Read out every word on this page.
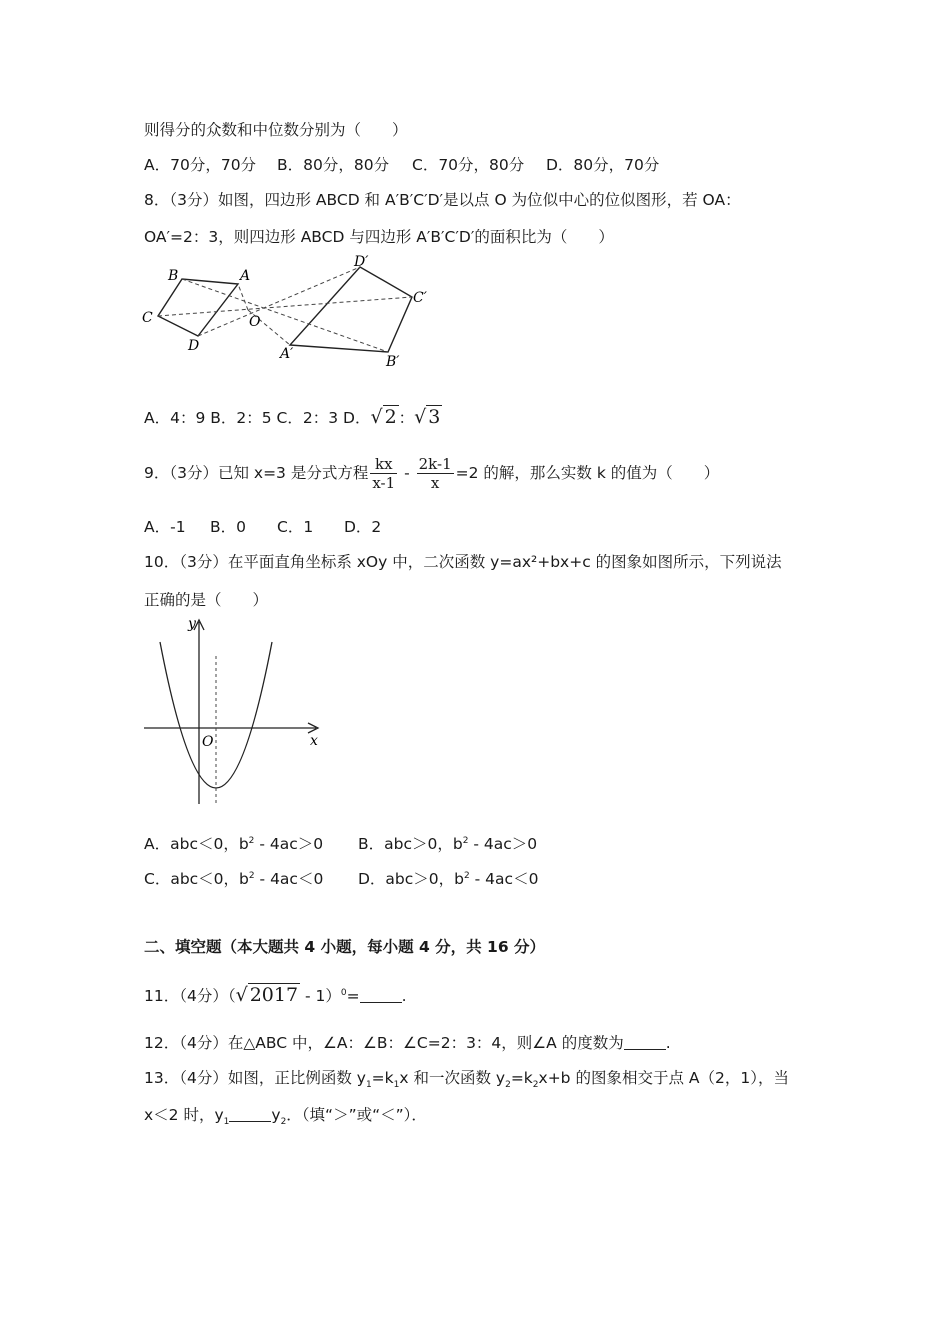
则得分的众数和中位数分别为（　　）
A．70分，70分 B．80分，80分 C．70分，80分 D．80分，70分
8．（3分）如图，四边形 ABCD 和 A′B′C′D′是以点 O 为位似中心的位似图形，若 OA：
OA′=2：3，则四边形 ABCD 与四边形 A′B′C′D′的面积比为（　　）
B	A
C
D
O
D′
C′
A′	B′
A．4：9 B．2：5 C．2：3 D．√ 2 ：√ 3
9．（3分）已知 x=3 是分式方程 $\frac{kx}{x-1} - \frac{2k-1}{x} =2$ 的解，那么实数 k 的值为（　　）
A．-1 B．0 C．1 D．2
10．（3分）在平面直角坐标系 xOy 中，二次函数 y=ax²+bx+c 的图象如图所示，下列说法
正确的是（　　）
y
x
O
A．abc＜0，$b^2 - 4ac>0$ B．abc＞0，$b^2 - 4ac>0$
C．abc＜0，$b^2 - 4ac<0$ D．abc＞0，$b^2 - 4ac<0$
二、填空题（本大题共 4 小题，每小题 4 分，共 16 分）
11．（4分）（√ 2017 - 1）$^0$=	.
12．（4分）在△ABC 中，∠A：∠B：∠C=2：3：4，则∠A 的度数为	.
13．（4分）如图，正比例函数 $y_1=k_1x$ 和一次函数 $y_2=k_2x+b$ 的图象相交于点 A（2，1），当
x＜2 时，$y_1$	$y_2$．（填“＞”或“＜”）．
